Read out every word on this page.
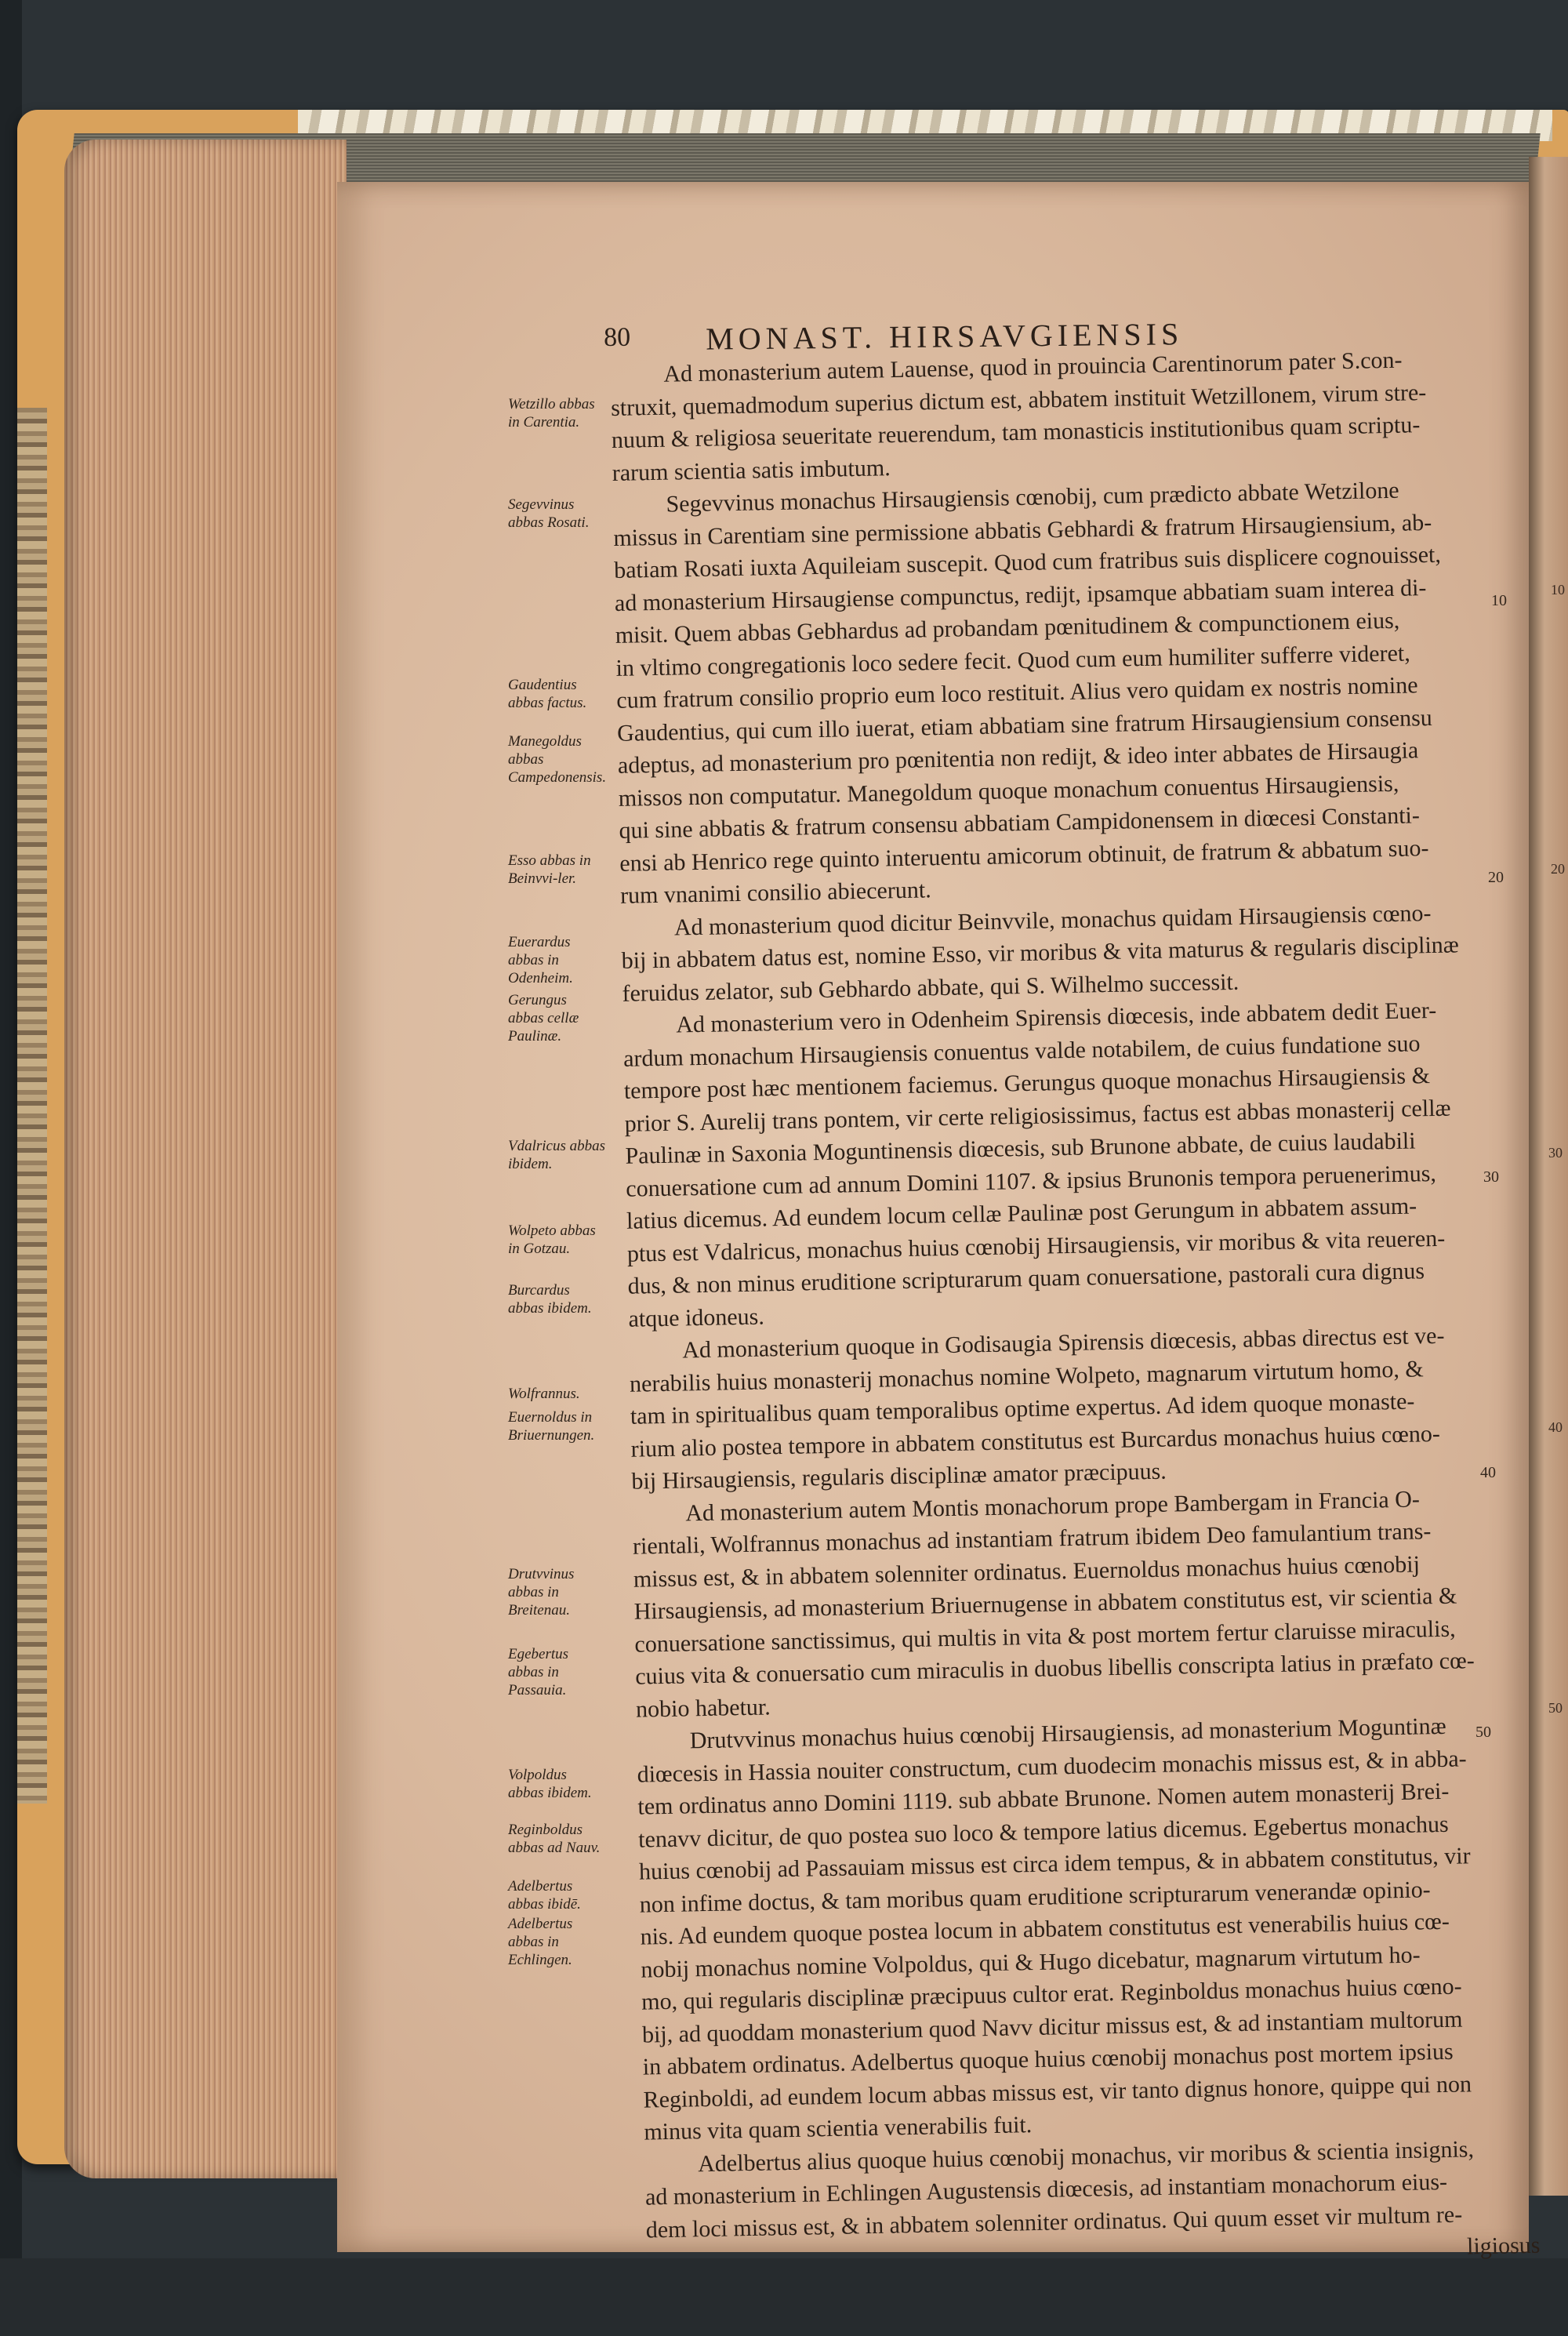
80 MONAST. HIRSAVGIENSIS
10
20
30
40
50
10
20
30
40
50
Wetzillo abbas in Carentia.
Segevvinus abbas Rosati.
Gaudentius abbas factus.
Manegoldus abbas Campedonensis.
Esso abbas in Beinvvi-ler.
Euerardus abbas in Odenheim.
Gerungus abbas cellæ Paulinæ.
Vdalricus abbas ibidem.
Wolpeto abbas in Gotzau.
Burcardus abbas ibidem.
Wolfrannus.
Euernoldus in Briuernungen.
Drutvvinus abbas in Breitenau.
Egebertus abbas in Passauia.
Volpoldus abbas ibidem.
Reginboldus abbas ad Nauv.
Adelbertus abbas ibidē.
Adelbertus abbas in Echlingen.
Ad monasterium autem Lauense, quod in prouincia Carentinorum pater S.con-
struxit, quemadmodum superius dictum est, abbatem instituit Wetzillonem, virum stre-
nuum & religiosa seueritate reuerendum, tam monasticis institutionibus quam scriptu-
rarum scientia satis imbutum.
Segevvinus monachus Hirsaugiensis cœnobij, cum prædicto abbate Wetzilone
missus in Carentiam sine permissione abbatis Gebhardi & fratrum Hirsaugiensium, ab-
batiam Rosati iuxta Aquileiam suscepit. Quod cum fratribus suis displicere cognouisset,
ad monasterium Hirsaugiense compunctus, redijt, ipsamque abbatiam suam interea di-
misit. Quem abbas Gebhardus ad probandam pœnitudinem & compunctionem eius,
in vltimo congregationis loco sedere fecit. Quod cum eum humiliter sufferre videret,
cum fratrum consilio proprio eum loco restituit. Alius vero quidam ex nostris nomine
Gaudentius, qui cum illo iuerat, etiam abbatiam sine fratrum Hirsaugiensium consensu
adeptus, ad monasterium pro pœnitentia non redijt, & ideo inter abbates de Hirsaugia
missos non computatur. Manegoldum quoque monachum conuentus Hirsaugiensis,
qui sine abbatis & fratrum consensu abbatiam Campidonensem in diœcesi Constanti-
ensi ab Henrico rege quinto interuentu amicorum obtinuit, de fratrum & abbatum suo-
rum vnanimi consilio abiecerunt.
Ad monasterium quod dicitur Beinvvile, monachus quidam Hirsaugiensis cœno-
bij in abbatem datus est, nomine Esso, vir moribus & vita maturus & regularis disciplinæ
feruidus zelator, sub Gebhardo abbate, qui S. Wilhelmo successit.
Ad monasterium vero in Odenheim Spirensis diœcesis, inde abbatem dedit Euer-
ardum monachum Hirsaugiensis conuentus valde notabilem, de cuius fundatione suo
tempore post hæc mentionem faciemus. Gerungus quoque monachus Hirsaugiensis &
prior S. Aurelij trans pontem, vir certe religiosissimus, factus est abbas monasterij cellæ
Paulinæ in Saxonia Moguntinensis diœcesis, sub Brunone abbate, de cuius laudabili
conuersatione cum ad annum Domini 1107. & ipsius Brunonis tempora peruenerimus,
latius dicemus. Ad eundem locum cellæ Paulinæ post Gerungum in abbatem assum-
ptus est Vdalricus, monachus huius cœnobij Hirsaugiensis, vir moribus & vita reueren-
dus, & non minus eruditione scripturarum quam conuersatione, pastorali cura dignus
atque idoneus.
Ad monasterium quoque in Godisaugia Spirensis diœcesis, abbas directus est ve-
nerabilis huius monasterij monachus nomine Wolpeto, magnarum virtutum homo, &
tam in spiritualibus quam temporalibus optime expertus. Ad idem quoque monaste-
rium alio postea tempore in abbatem constitutus est Burcardus monachus huius cœno-
bij Hirsaugiensis, regularis disciplinæ amator præcipuus.
Ad monasterium autem Montis monachorum prope Bambergam in Francia O-
rientali, Wolfrannus monachus ad instantiam fratrum ibidem Deo famulantium trans-
missus est, & in abbatem solenniter ordinatus. Euernoldus monachus huius cœnobij
Hirsaugiensis, ad monasterium Briuernugense in abbatem constitutus est, vir scientia &
conuersatione sanctissimus, qui multis in vita & post mortem fertur claruisse miraculis,
cuius vita & conuersatio cum miraculis in duobus libellis conscripta latius in præfato cœ-
nobio habetur.
Drutvvinus monachus huius cœnobij Hirsaugiensis, ad monasterium Moguntinæ
diœcesis in Hassia nouiter constructum, cum duodecim monachis missus est, & in abba-
tem ordinatus anno Domini 1119. sub abbate Brunone. Nomen autem monasterij Brei-
tenavv dicitur, de quo postea suo loco & tempore latius dicemus. Egebertus monachus
huius cœnobij ad Passauiam missus est circa idem tempus, & in abbatem constitutus, vir
non infime doctus, & tam moribus quam eruditione scripturarum venerandæ opinio-
nis. Ad eundem quoque postea locum in abbatem constitutus est venerabilis huius cœ-
nobij monachus nomine Volpoldus, qui & Hugo dicebatur, magnarum virtutum ho-
mo, qui regularis disciplinæ præcipuus cultor erat. Reginboldus monachus huius cœno-
bij, ad quoddam monasterium quod Navv dicitur missus est, & ad instantiam multorum
in abbatem ordinatus. Adelbertus quoque huius cœnobij monachus post mortem ipsius
Reginboldi, ad eundem locum abbas missus est, vir tanto dignus honore, quippe qui non
minus vita quam scientia venerabilis fuit.
Adelbertus alius quoque huius cœnobij monachus, vir moribus & scientia insignis,
ad monasterium in Echlingen Augustensis diœcesis, ad instantiam monachorum eius-
dem loci missus est, & in abbatem solenniter ordinatus. Qui quum esset vir multum re-
ligiosus
